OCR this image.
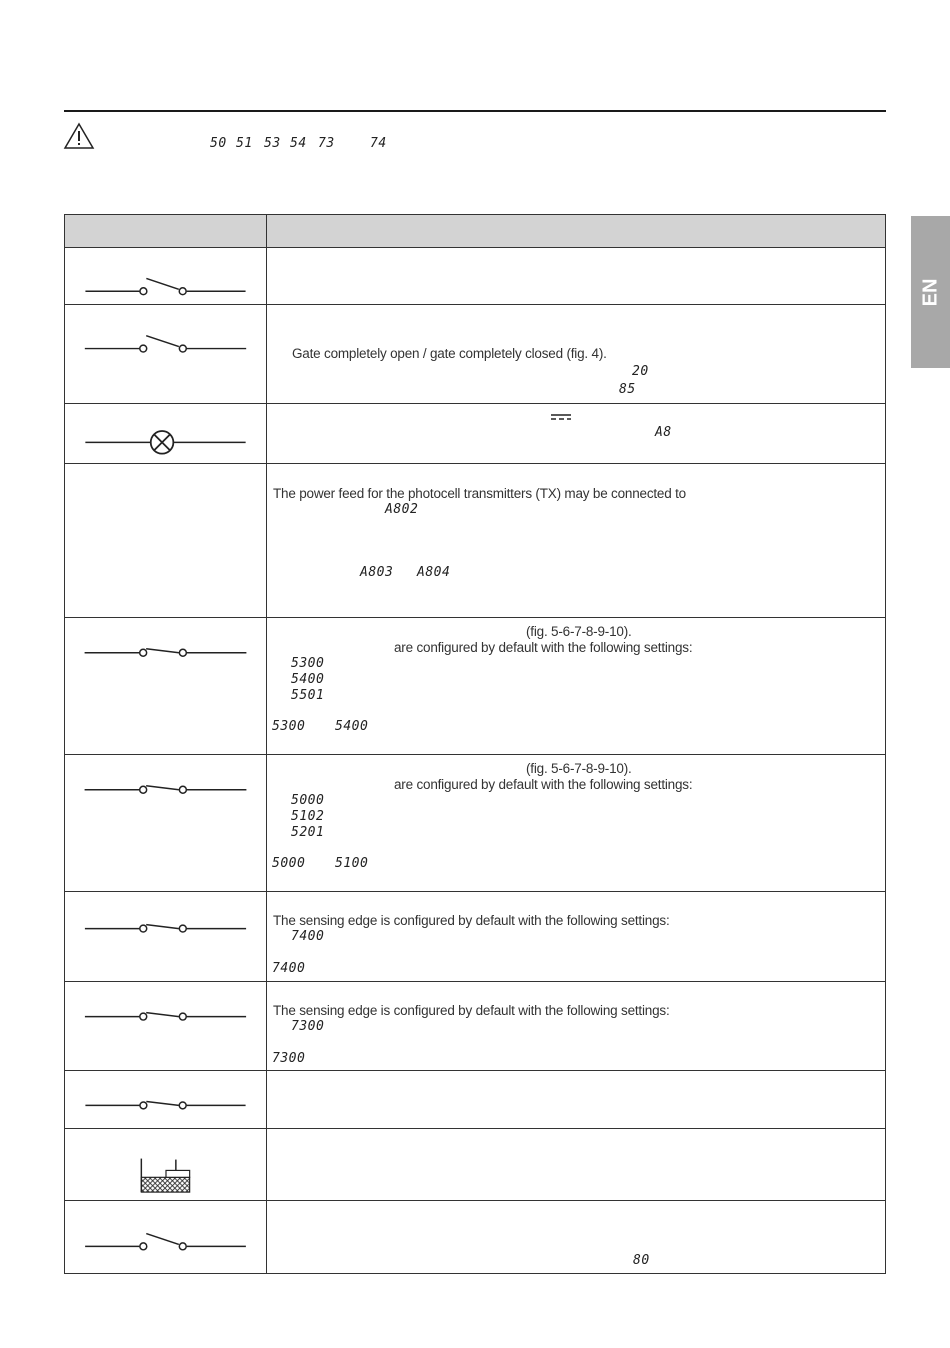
50 51 53 54 73	74
EN
Gate completely open / gate completely closed (fig. 4).
20
85
A8
The power feed for the photocell transmitters (TX) may be connected to
A802
A803 A804
(fig. 5-6-7-8-9-10).
are configured by default with the following settings:
5300
5400
5501
5300 5400
(fig. 5-6-7-8-9-10).
are configured by default with the following settings:
5000
5102
5201
5000 5100
The sensing edge is configured by default with the following settings:
7400
7400
The sensing edge is configured by default with the following settings:
7300
7300
80
